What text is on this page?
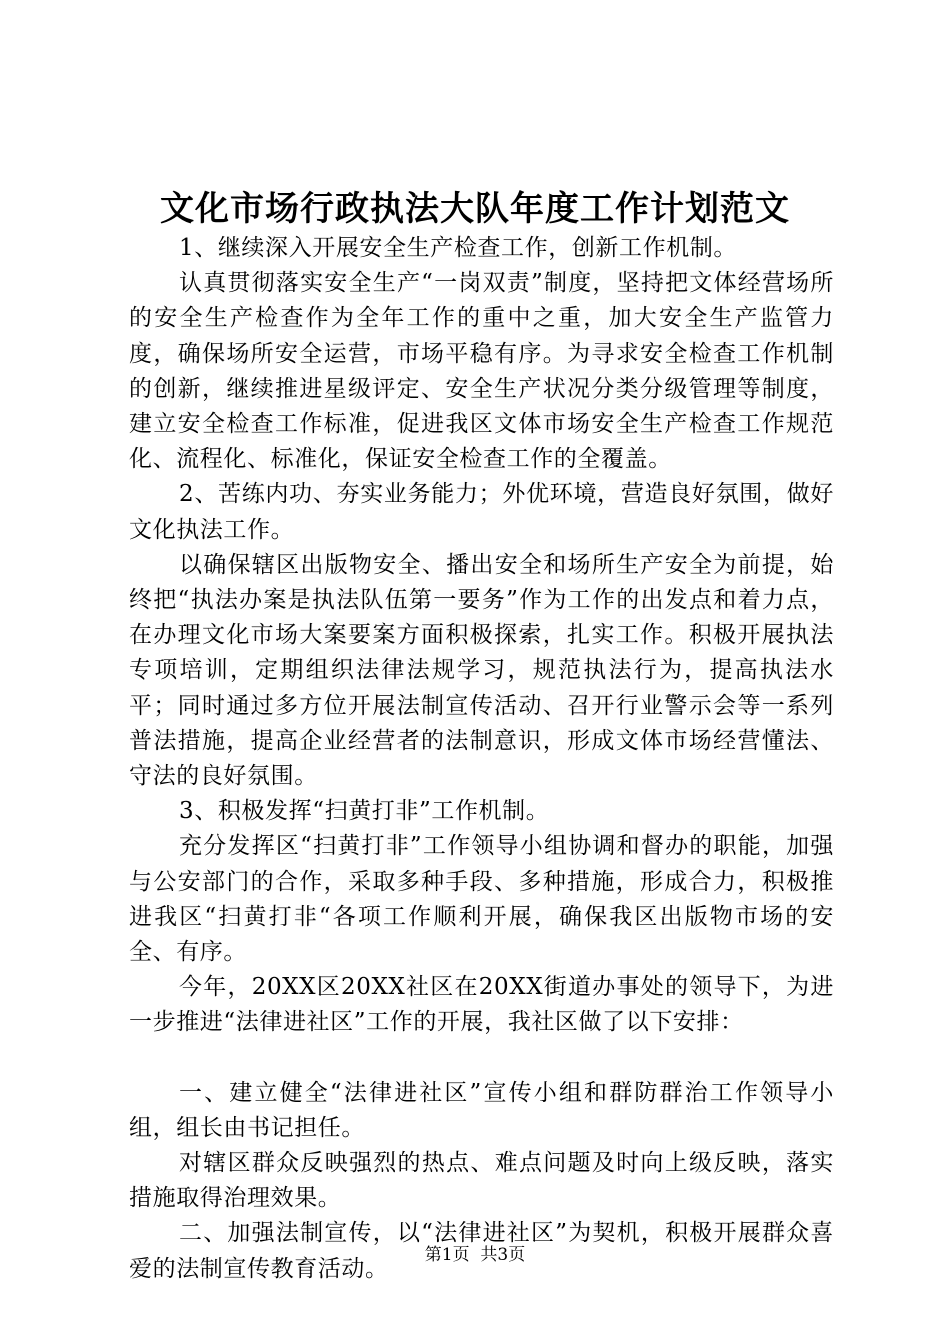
文化市场行政执法大队年度工作计划范文

1、继续深入开展安全生产检查工作，创新工作机制。

认真贯彻落实安全生产“一岗双责”制度，坚持把文体经营场所的安全生产检查作为全年工作的重中之重，加大安全生产监管力度，确保场所安全运营，市场平稳有序。为寻求安全检查工作机制的创新，继续推进星级评定、安全生产状况分类分级管理等制度，建立安全检查工作标准，促进我区文体市场安全生产检查工作规范化、流程化、标准化，保证安全检查工作的全覆盖。

2、苦练内功、夯实业务能力；外优环境，营造良好氛围，做好文化执法工作。

以确保辖区出版物安全、播出安全和场所生产安全为前提，始终把“执法办案是执法队伍第一要务”作为工作的出发点和着力点，在办理文化市场大案要案方面积极探索，扎实工作。积极开展执法专项培训，定期组织法律法规学习，规范执法行为，提高执法水平；同时通过多方位开展法制宣传活动、召开行业警示会等一系列普法措施，提高企业经营者的法制意识，形成文体市场经营懂法、守法的良好氛围。

3、积极发挥“扫黄打非”工作机制。

充分发挥区“扫黄打非”工作领导小组协调和督办的职能，加强与公安部门的合作，采取多种手段、多种措施，形成合力，积极推进我区“扫黄打非“各项工作顺利开展，确保我区出版物市场的安全、有序。

今年，20XX区20XX社区在20XX街道办事处的领导下，为进一步推进“法律进社区”工作的开展，我社区做了以下安排：

一、建立健全“法律进社区”宣传小组和群防群治工作领导小组，组长由书记担任。

对辖区群众反映强烈的热点、难点问题及时向上级反映，落实措施取得治理效果。

二、加强法制宣传，以“法律进社区”为契机，积极开展群众喜爱的法制宣传教育活动。

第1页  共3页
